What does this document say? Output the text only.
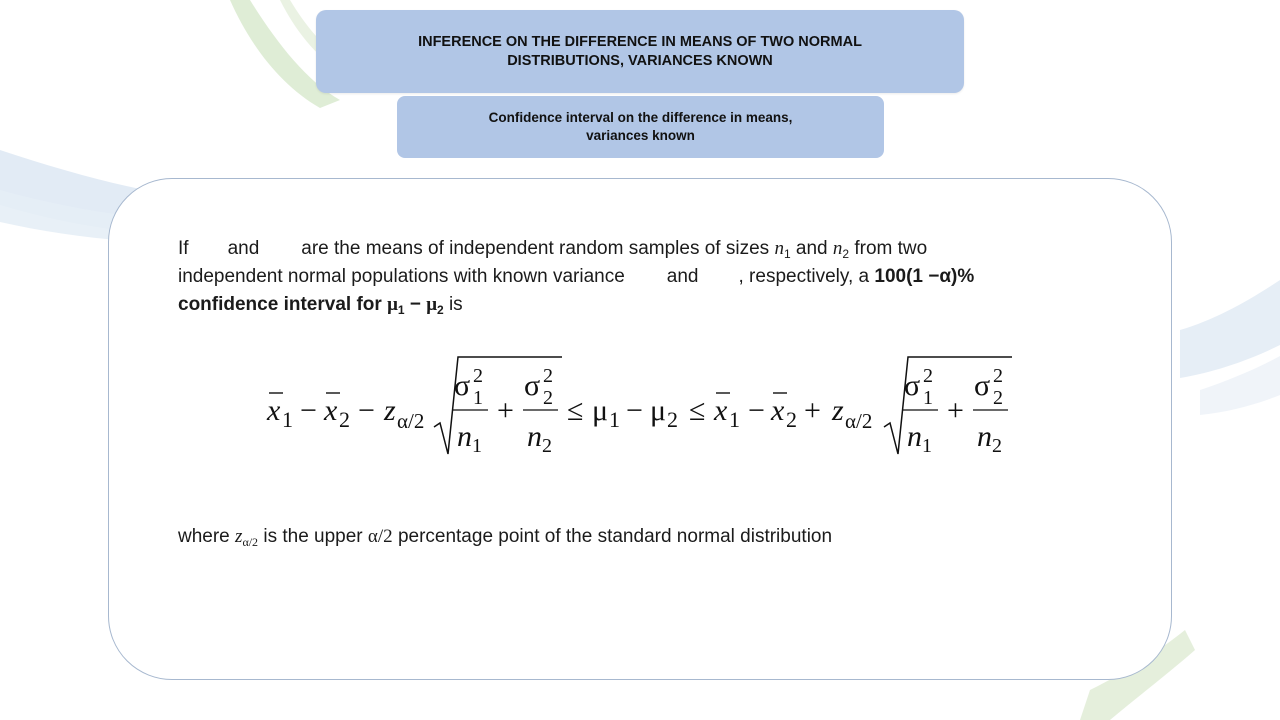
INFERENCE ON THE DIFFERENCE IN MEANS OF TWO NORMAL DISTRIBUTIONS, VARIANCES KNOWN
Confidence interval on the difference in means, variances known
If and are the means of independent random samples of sizes $n_1$ and $n_2$ from two
independent normal populations with known variance and , respectively, a 100(1 −α)%
confidence interval for $\mu_1 - \mu_2$ is
x 1 − x 2 − z α/2
σ 2
1
n 1
+
σ 2
2
n 2
≤ μ 1 − μ 2 ≤ x 1 − x 2 + z α/2
σ 2
1
n 1
+
σ 2
2
n 2
where $z_{\alpha/2}$ is the upper α/2 percentage point of the standard normal distribution
